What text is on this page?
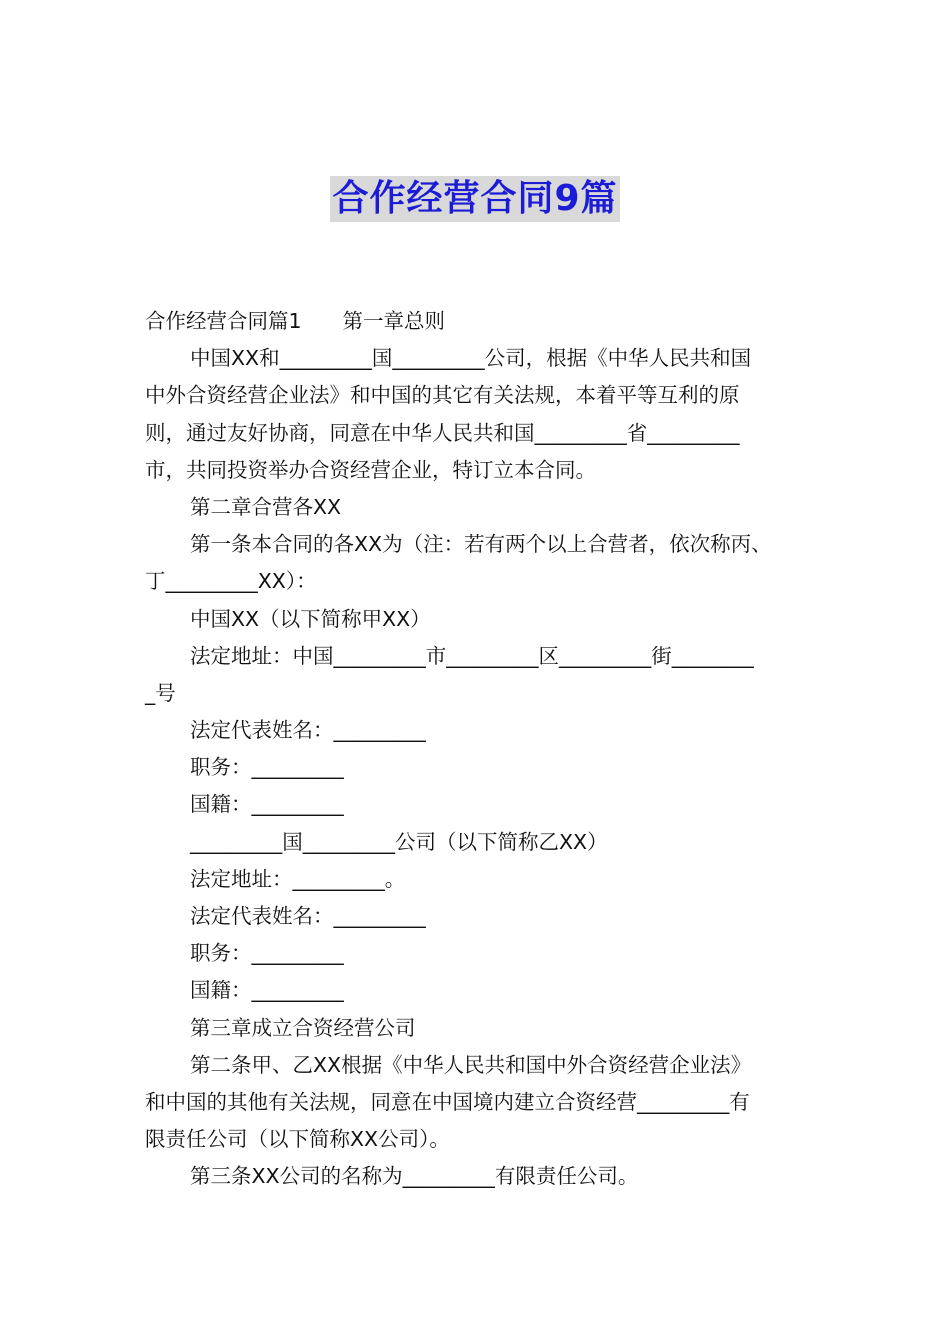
合作经营合同9篇
合作经营合同篇1　　第一章总则
中国XX和_________国_________公司，根据《中华人民共和国
中外合资经营企业法》和中国的其它有关法规，本着平等互利的原
则，通过友好协商，同意在中华人民共和国_________省_________
市，共同投资举办合资经营企业，特订立本合同。
第二章合营各XX
第一条本合同的各XX为（注：若有两个以上合营者，依次称丙、
丁_________XX）：
中国XX（以下简称甲XX）
法定地址：中国_________市_________区_________街________
_号
法定代表姓名：_________
职务：_________
国籍：_________
_________国_________公司（以下简称乙XX）
法定地址：_________。
法定代表姓名：_________
职务：_________
国籍：_________
第三章成立合资经营公司
第二条甲、乙XX根据《中华人民共和国中外合资经营企业法》
和中国的其他有关法规，同意在中国境内建立合资经营_________有
限责任公司（以下简称XX公司）。
第三条XX公司的名称为_________有限责任公司。
